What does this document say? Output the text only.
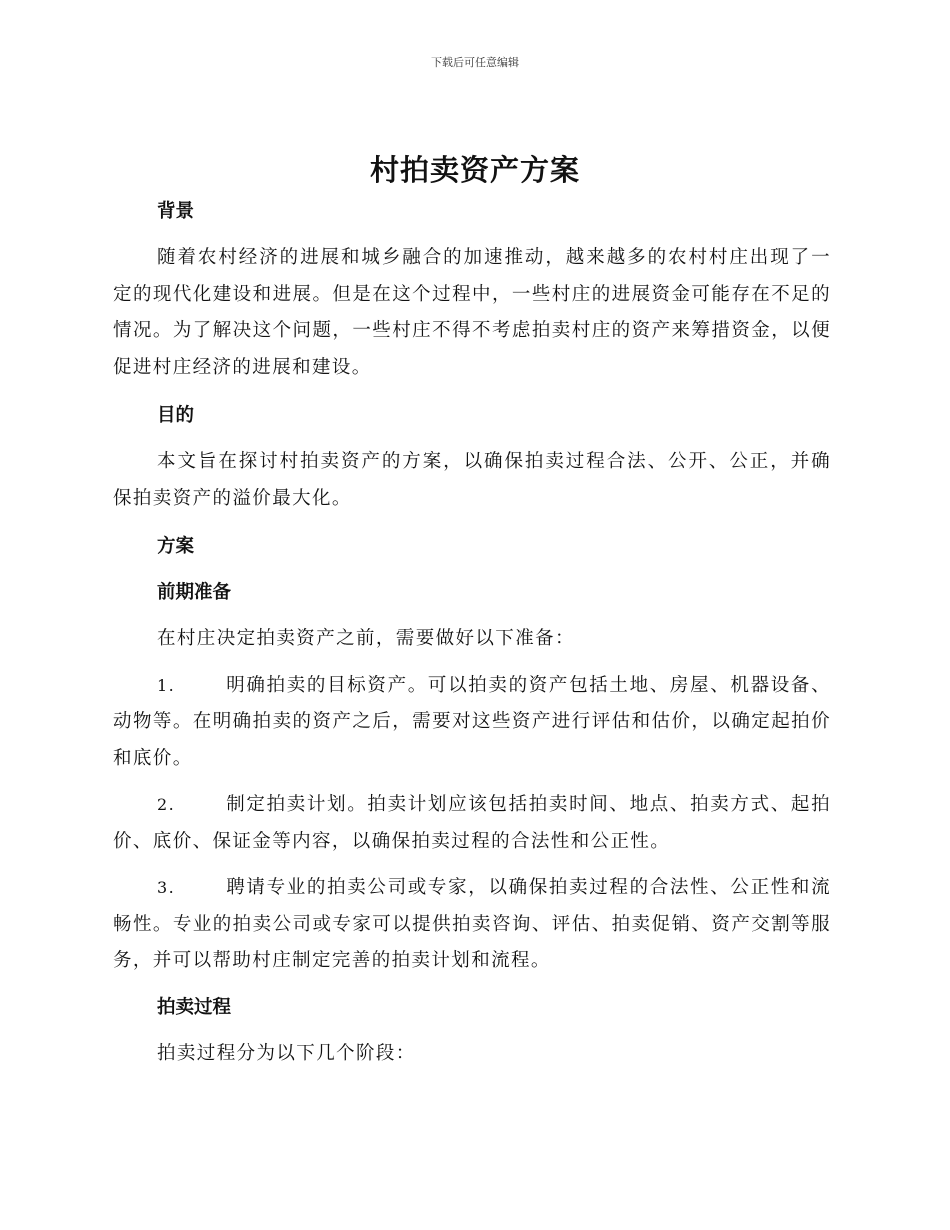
下载后可任意编辑
村拍卖资产方案
背景

随着农村经济的进展和城乡融合的加速推动，越来越多的农村村庄出现了一定的现代化建设和进展。但是在这个过程中，一些村庄的进展资金可能存在不足的情况。为了解决这个问题，一些村庄不得不考虑拍卖村庄的资产来筹措资金，以便促进村庄经济的进展和建设。

目的

本文旨在探讨村拍卖资产的方案，以确保拍卖过程合法、公开、公正，并确保拍卖资产的溢价最大化。

方案
前期准备

在村庄决定拍卖资产之前，需要做好以下准备：

1.	明确拍卖的目标资产。可以拍卖的资产包括土地、房屋、机器设备、动物等。在明确拍卖的资产之后，需要对这些资产进行评估和估价，以确定起拍价和底价。

2.	制定拍卖计划。拍卖计划应该包括拍卖时间、地点、拍卖方式、起拍价、底价、保证金等内容，以确保拍卖过程的合法性和公正性。

3.	聘请专业的拍卖公司或专家，以确保拍卖过程的合法性、公正性和流畅性。专业的拍卖公司或专家可以提供拍卖咨询、评估、拍卖促销、资产交割等服务，并可以帮助村庄制定完善的拍卖计划和流程。

拍卖过程

拍卖过程分为以下几个阶段：
